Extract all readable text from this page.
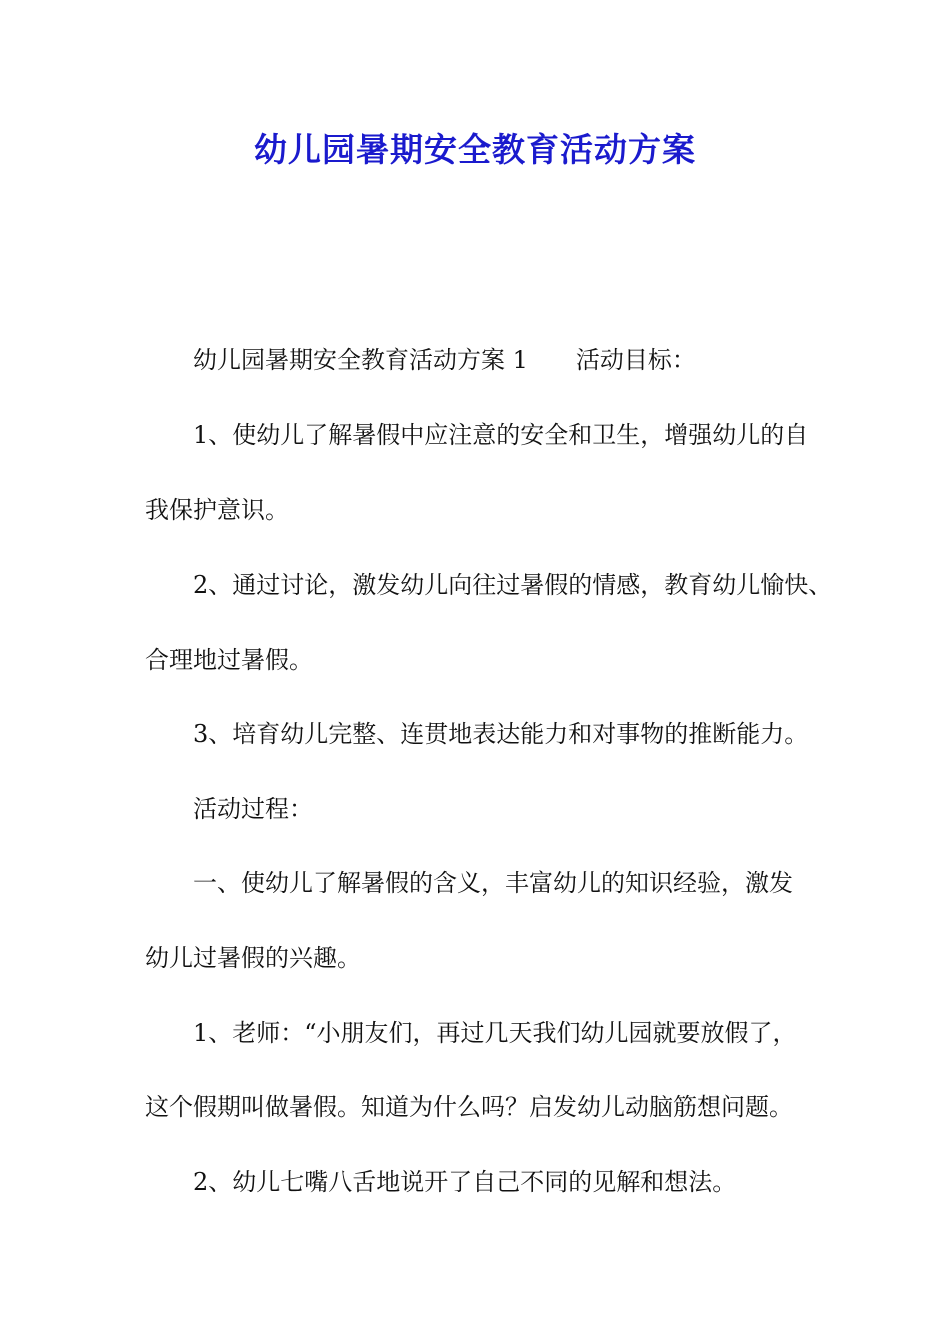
幼儿园暑期安全教育活动方案

幼儿园暑期安全教育活动方案 1 活动目标：

1、使幼儿了解暑假中应注意的安全和卫生，增强幼儿的自

我保护意识。

2、通过讨论，激发幼儿向往过暑假的情感，教育幼儿愉快、

合理地过暑假。

3、培育幼儿完整、连贯地表达能力和对事物的推断能力。

活动过程：

一、使幼儿了解暑假的含义，丰富幼儿的知识经验，激发

幼儿过暑假的兴趣。

1、老师：“小朋友们，再过几天我们幼儿园就要放假了，

这个假期叫做暑假。知道为什么吗？启发幼儿动脑筋想问题。

2、幼儿七嘴八舌地说开了自己不同的见解和想法。
